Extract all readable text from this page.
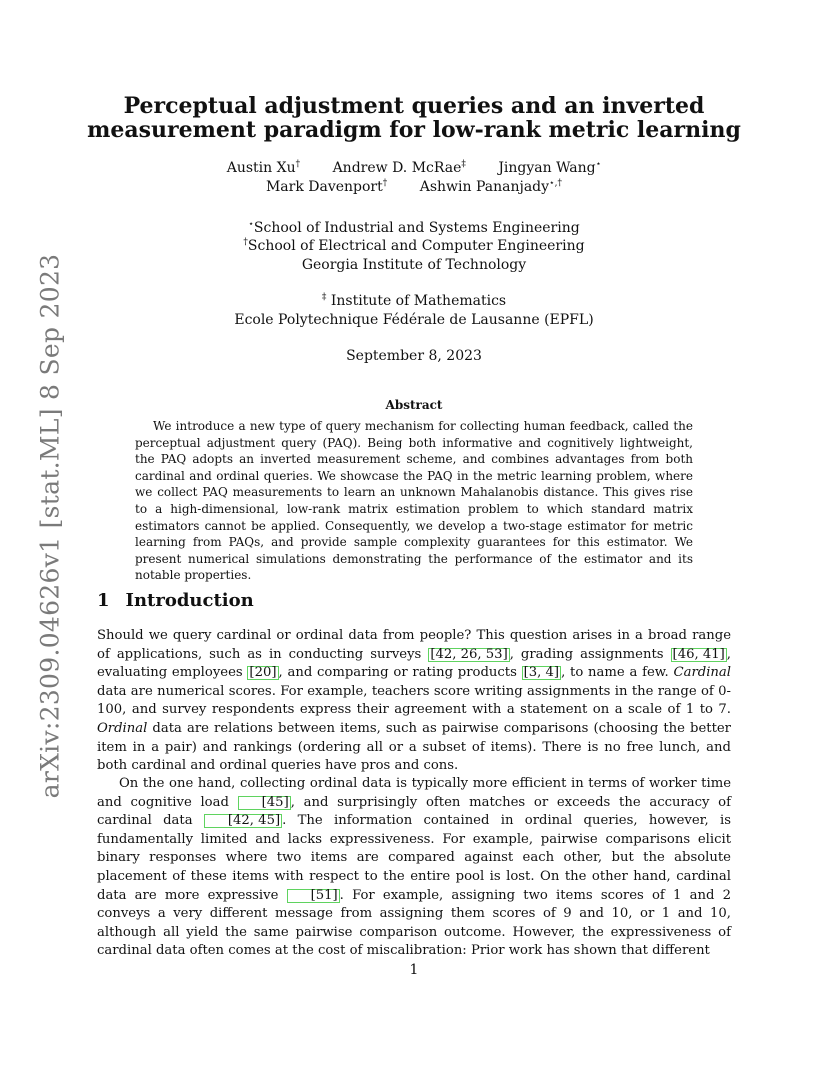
arXiv:2309.04626v1 [stat.ML] 8 Sep 2023
Perceptual adjustment queries and an inverted
measurement paradigm for low-rank metric learning
Austin Xu† Andrew D. McRae‡ Jingyan Wang⋆
Mark Davenport† Ashwin Pananjady⋆,†
⋆School of Industrial and Systems Engineering
†School of Electrical and Computer Engineering
Georgia Institute of Technology
‡ Institute of Mathematics
Ecole Polytechnique Fédérale de Lausanne (EPFL)
September 8, 2023
Abstract

We introduce a new type of query mechanism for collecting human feedback, called the perceptual adjustment query (PAQ). Being both informative and cognitively lightweight, the PAQ adopts an inverted measurement scheme, and combines advantages from both cardinal and ordinal queries. We showcase the PAQ in the metric learning problem, where we collect PAQ measurements to learn an unknown Mahalanobis distance. This gives rise to a high-dimensional, low-rank matrix estimation problem to which standard matrix estimators cannot be applied. Consequently, we develop a two-stage estimator for metric learning from PAQs, and provide sample complexity guarantees for this estimator. We present numerical simulations demonstrating the performance of the estimator and its notable properties.

1 Introduction

Should we query cardinal or ordinal data from people? This question arises in a broad range of applications, such as in conducting surveys [42, 26, 53] , grading assignments [46, 41] , evaluating employees [20] , and comparing or rating products [3, 4] , to name a few. Cardinal data are numerical scores. For example, teachers score writing assignments in the range of 0-100, and survey respondents express their agreement with a statement on a scale of 1 to 7. Ordinal data are relations between items, such as pairwise comparisons (choosing the better item in a pair) and rankings (ordering all or a subset of items). There is no free lunch, and both cardinal and ordinal queries have pros and cons.

On the one hand, collecting ordinal data is typically more efficient in terms of worker time and cognitive load [45] , and surprisingly often matches or exceeds the accuracy of cardinal data [42, 45] . The information contained in ordinal queries, however, is fundamentally limited and lacks expressiveness. For example, pairwise comparisons elicit binary responses where two items are compared against each other, but the absolute placement of these items with respect to the entire pool is lost. On the other hand, cardinal data are more expressive [51] . For example, assigning two items scores of 1 and 2 conveys a very different message from assigning them scores of 9 and 10, or 1 and 10, although all yield the same pairwise comparison outcome. However, the expressiveness of cardinal data often comes at the cost of miscalibration: Prior work has shown that different

1
